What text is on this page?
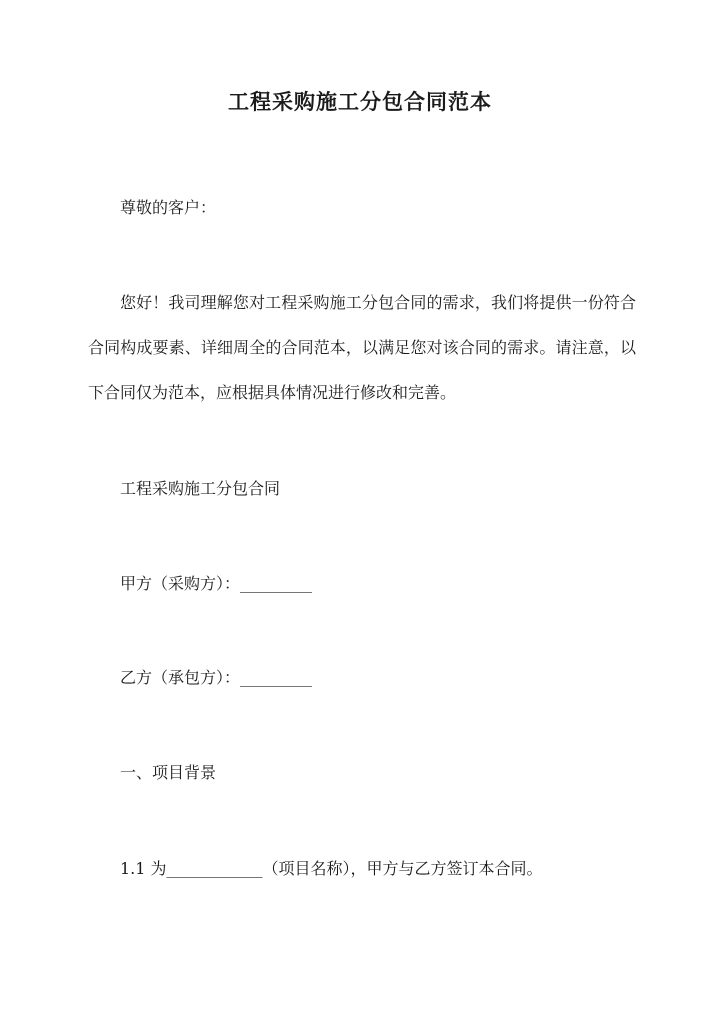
工程采购施工分包合同范本
尊敬的客户：
您好！我司理解您对工程采购施工分包合同的需求，我们将提供一份符合合同构成要素、详细周全的合同范本，以满足您对该合同的需求。请注意，以下合同仅为范本，应根据具体情况进行修改和完善。
工程采购施工分包合同
甲方（采购方）：_________
乙方（承包方）：_________
一、项目背景
1.1 为____________（项目名称），甲方与乙方签订本合同。
